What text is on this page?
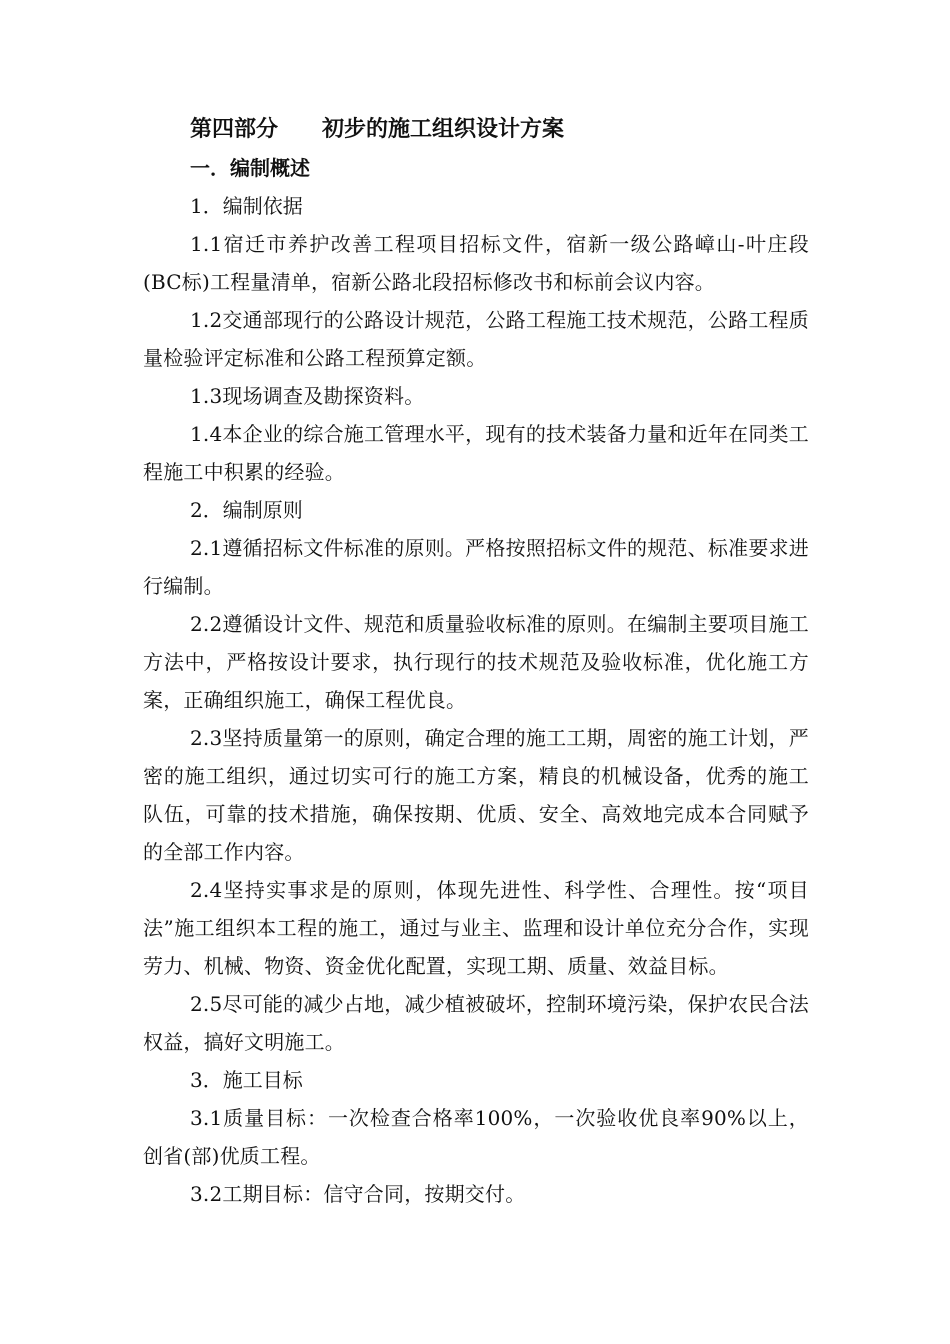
第四部分　　初步的施工组织设计方案
一．编制概述
1．编制依据
1.1宿迁市养护改善工程项目招标文件，宿新一级公路嶂山-叶庄段(BC标)工程量清单，宿新公路北段招标修改书和标前会议内容。
1.2交通部现行的公路设计规范，公路工程施工技术规范，公路工程质量检验评定标准和公路工程预算定额。
1.3现场调查及勘探资料。
1.4本企业的综合施工管理水平，现有的技术装备力量和近年在同类工程施工中积累的经验。
2．编制原则
2.1遵循招标文件标准的原则。严格按照招标文件的规范、标准要求进行编制。
2.2遵循设计文件、规范和质量验收标准的原则。在编制主要项目施工方法中，严格按设计要求，执行现行的技术规范及验收标准，优化施工方案，正确组织施工，确保工程优良。
2.3坚持质量第一的原则，确定合理的施工工期，周密的施工计划，严密的施工组织，通过切实可行的施工方案，精良的机械设备，优秀的施工队伍，可靠的技术措施，确保按期、优质、安全、高效地完成本合同赋予的全部工作内容。
2.4坚持实事求是的原则，体现先进性、科学性、合理性。按“项目法”施工组织本工程的施工，通过与业主、监理和设计单位充分合作，实现劳力、机械、物资、资金优化配置，实现工期、质量、效益目标。
2.5尽可能的减少占地，减少植被破坏，控制环境污染，保护农民合法权益，搞好文明施工。
3．施工目标
3.1质量目标：一次检查合格率100%，一次验收优良率90%以上，创省(部)优质工程。
3.2工期目标：信守合同，按期交付。
